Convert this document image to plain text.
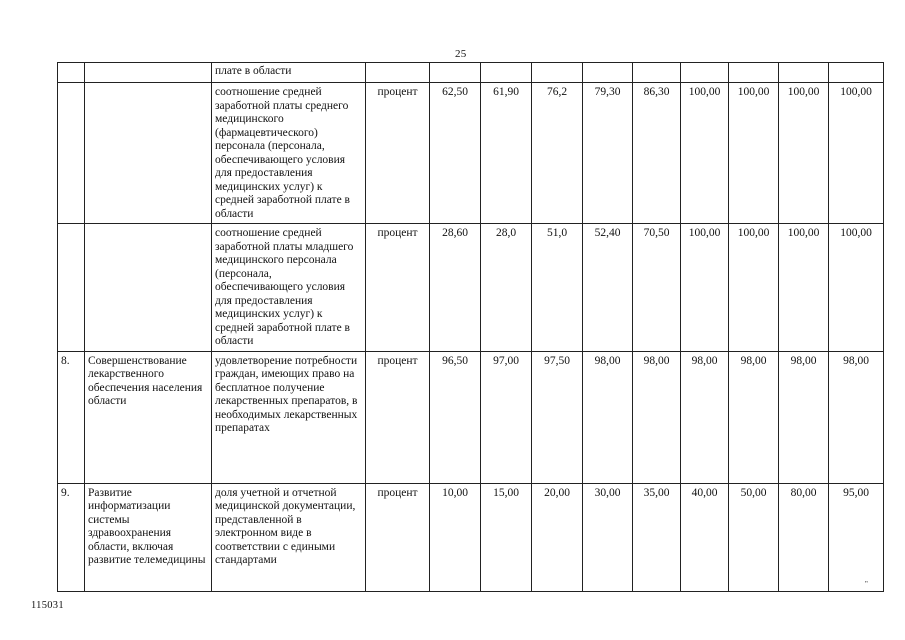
25
		плате в области										
		соотношение средней заработной платы среднего медицинского (фармацевтического) персонала (персонала, обеспечивающего условия для предоставления медицинских услуг) к средней заработной плате в области	процент	62,50	61,90	76,2	79,30	86,30	100,00	100,00	100,00	100,00
		соотношение средней заработной платы младшего медицинского персонала (персонала, обеспечивающего условия для предоставления медицинских услуг) к средней заработной плате в области	процент	28,60	28,0	51,0	52,40	70,50	100,00	100,00	100,00	100,00
8.	Совершенствование лекарственного обеспечения населения области	удовлетворение потребности граждан, имеющих право на бесплатное получение лекарственных препаратов, в необходимых лекарственных препаратах	процент	96,50	97,00	97,50	98,00	98,00	98,00	98,00	98,00	98,00
9.	Развитие информатизации системы здравоохранения области, включая развитие телемедицины	доля учетной и отчетной медицинской документации, представленной в электронном виде в соответствии с едиными стандартами	процент	10,00	15,00	20,00	30,00	35,00	40,00	50,00	80,00	95,00
"
115031
